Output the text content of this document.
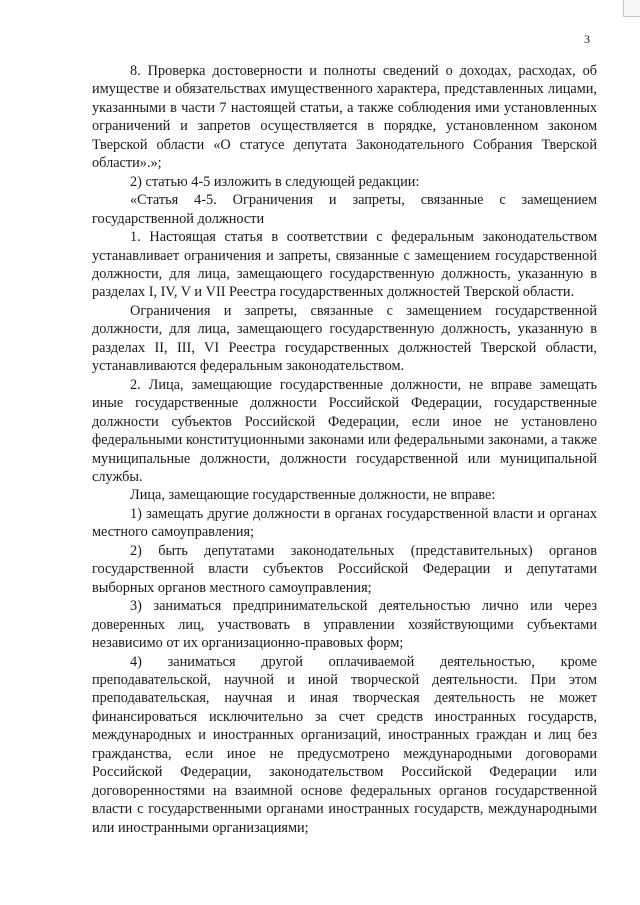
3

8. Проверка достоверности и полноты сведений о доходах, расходах, об имуществе и обязательствах имущественного характера, представленных лицами, указанными в части 7 настоящей статьи, а также соблюдения ими установленных ограничений и запретов осуществляется в порядке, установленном законом Тверской области «О статусе депутата Законодательного Собрания Тверской области».»;

2) статью 4-5 изложить в следующей редакции:

«Статья 4-5. Ограничения и запреты, связанные с замещением государственной должности

1. Настоящая статья в соответствии с федеральным законодательством устанавливает ограничения и запреты, связанные с замещением государственной должности, для лица, замещающего государственную должность, указанную в разделах I, IV, V и VII Реестра государственных должностей Тверской области.

Ограничения и запреты, связанные с замещением государственной должности, для лица, замещающего государственную должность, указанную в разделах II, III, VI Реестра государственных должностей Тверской области, устанавливаются федеральным законодательством.

2. Лица, замещающие государственные должности, не вправе замещать иные государственные должности Российской Федерации, государственные должности субъектов Российской Федерации, если иное не установлено федеральными конституционными законами или федеральными законами, а также муниципальные должности, должности государственной или муниципальной службы.

Лица, замещающие государственные должности, не вправе:

1) замещать другие должности в органах государственной власти и органах местного самоуправления;

2) быть депутатами законодательных (представительных) органов государственной власти субъектов Российской Федерации и депутатами выборных органов местного самоуправления;

3) заниматься предпринимательской деятельностью лично или через доверенных лиц, участвовать в управлении хозяйствующими субъектами независимо от их организационно-правовых форм;

4) заниматься другой оплачиваемой деятельностью, кроме преподавательской, научной и иной творческой деятельности. При этом преподавательская, научная и иная творческая деятельность не может финансироваться исключительно за счет средств иностранных государств, международных и иностранных организаций, иностранных граждан и лиц без гражданства, если иное не предусмотрено международными договорами Российской Федерации, законодательством Российской Федерации или договоренностями на взаимной основе федеральных органов государственной власти с государственными органами иностранных государств, международными или иностранными организациями;
